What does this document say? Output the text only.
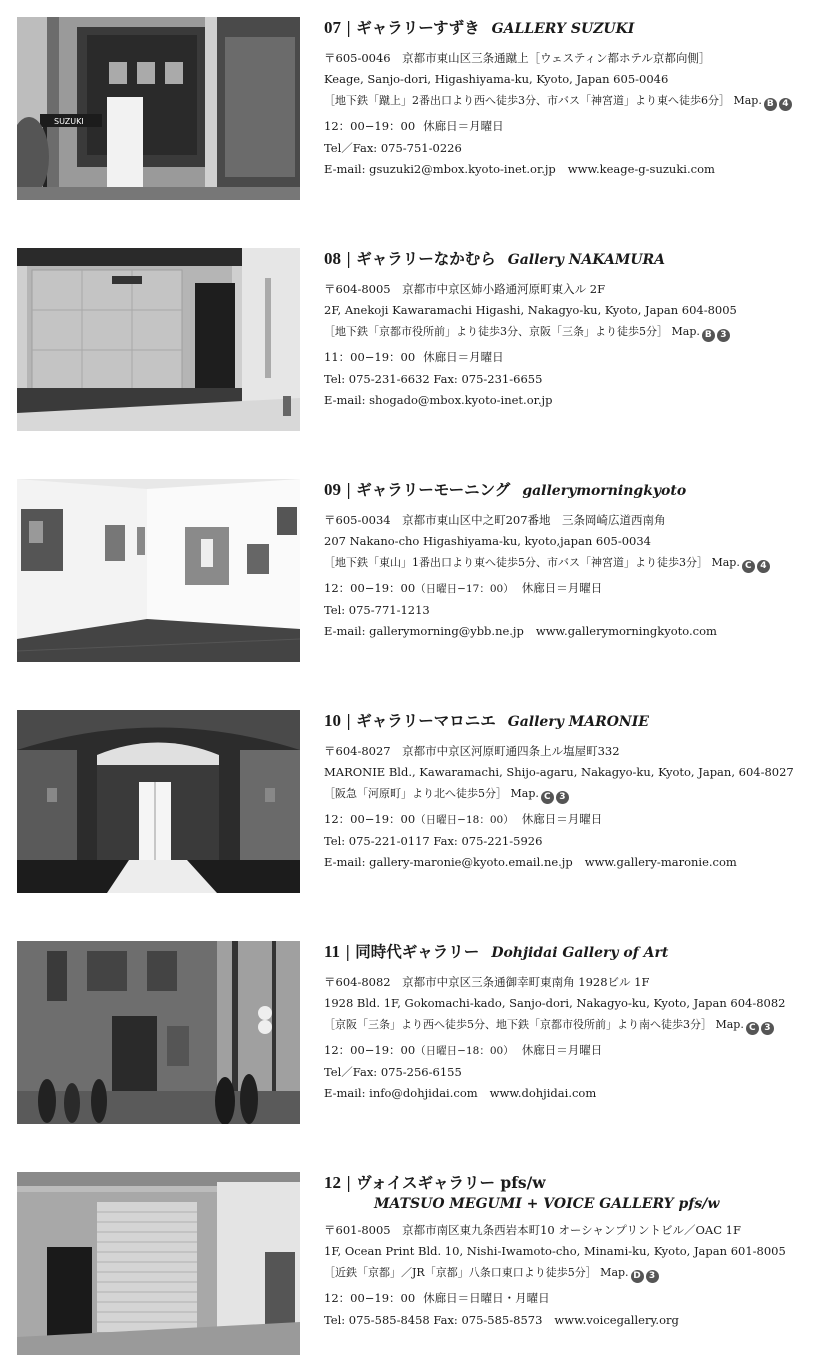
SUZUKI
07 | ギャラリーすずき GALLERY SUZUKI
〒605-0046　京都市東山区三条通蹴上［ウェスティン都ホテル京都向側］
Keage, Sanjo-dori, Higashiyama-ku, Kyoto, Japan 605-0046
［地下鉄「蹴上」2番出口より西へ徒歩3分、市バス「神宮道」より東へ徒歩6分］ Map. B 4
12：00−19：00 休廊日＝月曜日
Tel／Fax: 075-751-0226
E-mail: gsuzuki2@mbox.kyoto-inet.or.jp www.keage-g-suzuki.com
08 | ギャラリーなかむら Gallery NAKAMURA
〒604-8005　京都市中京区姉小路通河原町東入ル 2F
2F, Anekoji Kawaramachi Higashi, Nakagyo-ku, Kyoto, Japan 604-8005
［地下鉄「京都市役所前」より徒歩3分、京阪「三条」より徒歩5分］ Map. B 3
11：00−19：00 休廊日＝月曜日
Tel: 075-231-6632 Fax: 075-231-6655
E-mail: shogado@mbox.kyoto-inet.or.jp
09 | ギャラリーモーニング gallerymorningkyoto
〒605-0034　京都市東山区中之町207番地　三条岡崎広道西南角
207 Nakano-cho Higashiyama-ku, kyoto,japan 605-0034
［地下鉄「東山」1番出口より東へ徒歩5分、市バス「神宮道」より徒歩3分］ Map. C 4
12：00−19：00（日曜日−17：00） 休廊日＝月曜日
Tel: 075-771-1213
E-mail: gallerymorning@ybb.ne.jp www.gallerymorningkyoto.com
10 | ギャラリーマロニエ Gallery MARONIE
〒604-8027　京都市中京区河原町通四条上ル塩屋町332
MARONIE Bld., Kawaramachi, Shijo-agaru, Nakagyo-ku, Kyoto, Japan, 604-8027
［阪急「河原町」より北へ徒歩5分］ Map. C 3
12：00−19：00（日曜日−18：00） 休廊日＝月曜日
Tel: 075-221-0117 Fax: 075-221-5926
E-mail: gallery-maronie@kyoto.email.ne.jp www.gallery-maronie.com
11 | 同時代ギャラリー Dohjidai Gallery of Art
〒604-8082　京都市中京区三条通御幸町東南角 1928ビル 1F
1928 Bld. 1F, Gokomachi-kado, Sanjo-dori, Nakagyo-ku, Kyoto, Japan 604-8082
［京阪「三条」より西へ徒歩5分、地下鉄「京都市役所前」より南へ徒歩3分］ Map. C 3
12：00−19：00（日曜日−18：00） 休廊日＝月曜日
Tel／Fax: 075-256-6155
E-mail: info@dohjidai.com www.dohjidai.com
12 | ヴォイスギャラリー pfs/w
MATSUO MEGUMI + VOICE GALLERY pfs/w
〒601-8005　京都市南区東九条西岩本町10 オーシャンプリントビル／OAC 1F
1F, Ocean Print Bld. 10, Nishi-Iwamoto-cho, Minami-ku, Kyoto, Japan 601-8005
［近鉄「京都」／JR「京都」八条口東口より徒歩5分］ Map. D 3
12：00−19：00 休廊日＝日曜日・月曜日
Tel: 075-585-8458 Fax: 075-585-8573 www.voicegallery.org
